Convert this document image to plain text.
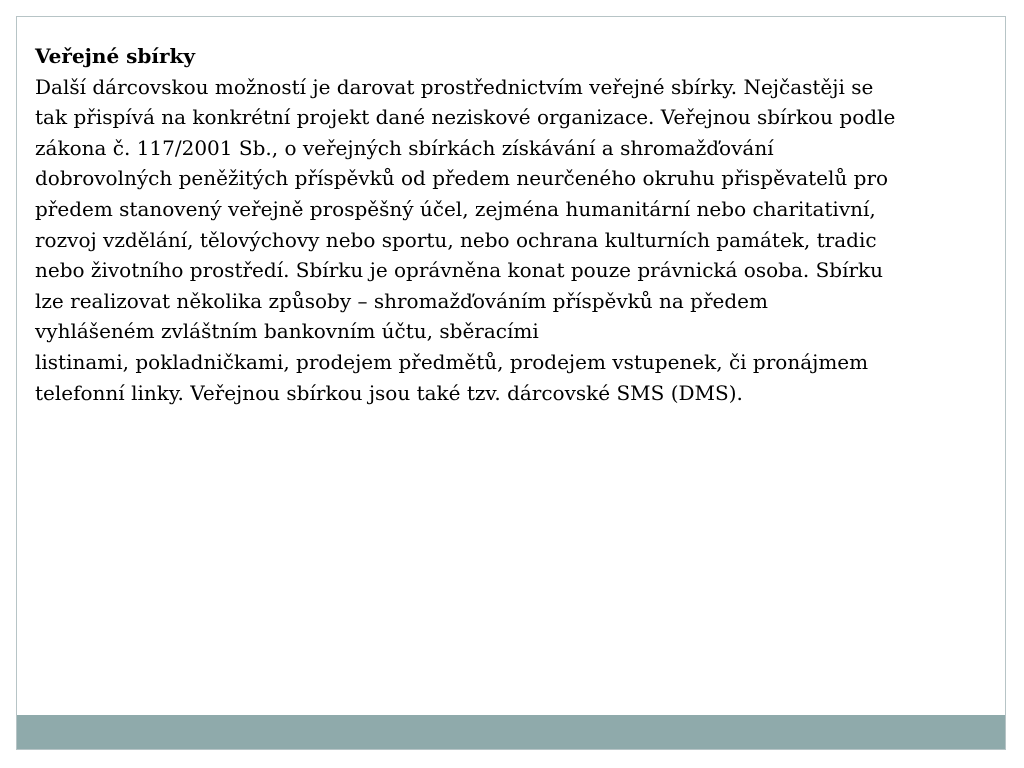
Veřejné sbírky
Další dárcovskou možností je darovat prostřednictvím veřejné sbírky. Nejčastěji se
tak přispívá na konkrétní projekt dané neziskové organizace. Veřejnou sbírkou podle
zákona č. 117/2001 Sb., o veřejných sbírkách získávání a shromažďování
dobrovolných peněžitých příspěvků od předem neurčeného okruhu přispěvatelů pro
předem stanovený veřejně prospěšný účel, zejména humanitární nebo charitativní,
rozvoj vzdělání, tělovýchovy nebo sportu, nebo ochrana kulturních památek, tradic
nebo životního prostředí. Sbírku je oprávněna konat pouze právnická osoba. Sbírku
lze realizovat několika způsoby – shromažďováním příspěvků na předem
vyhlášeném zvláštním bankovním účtu, sběracími
listinami, pokladničkami, prodejem předmětů, prodejem vstupenek, či pronájmem
telefonní linky. Veřejnou sbírkou jsou také tzv. dárcovské SMS (DMS).
